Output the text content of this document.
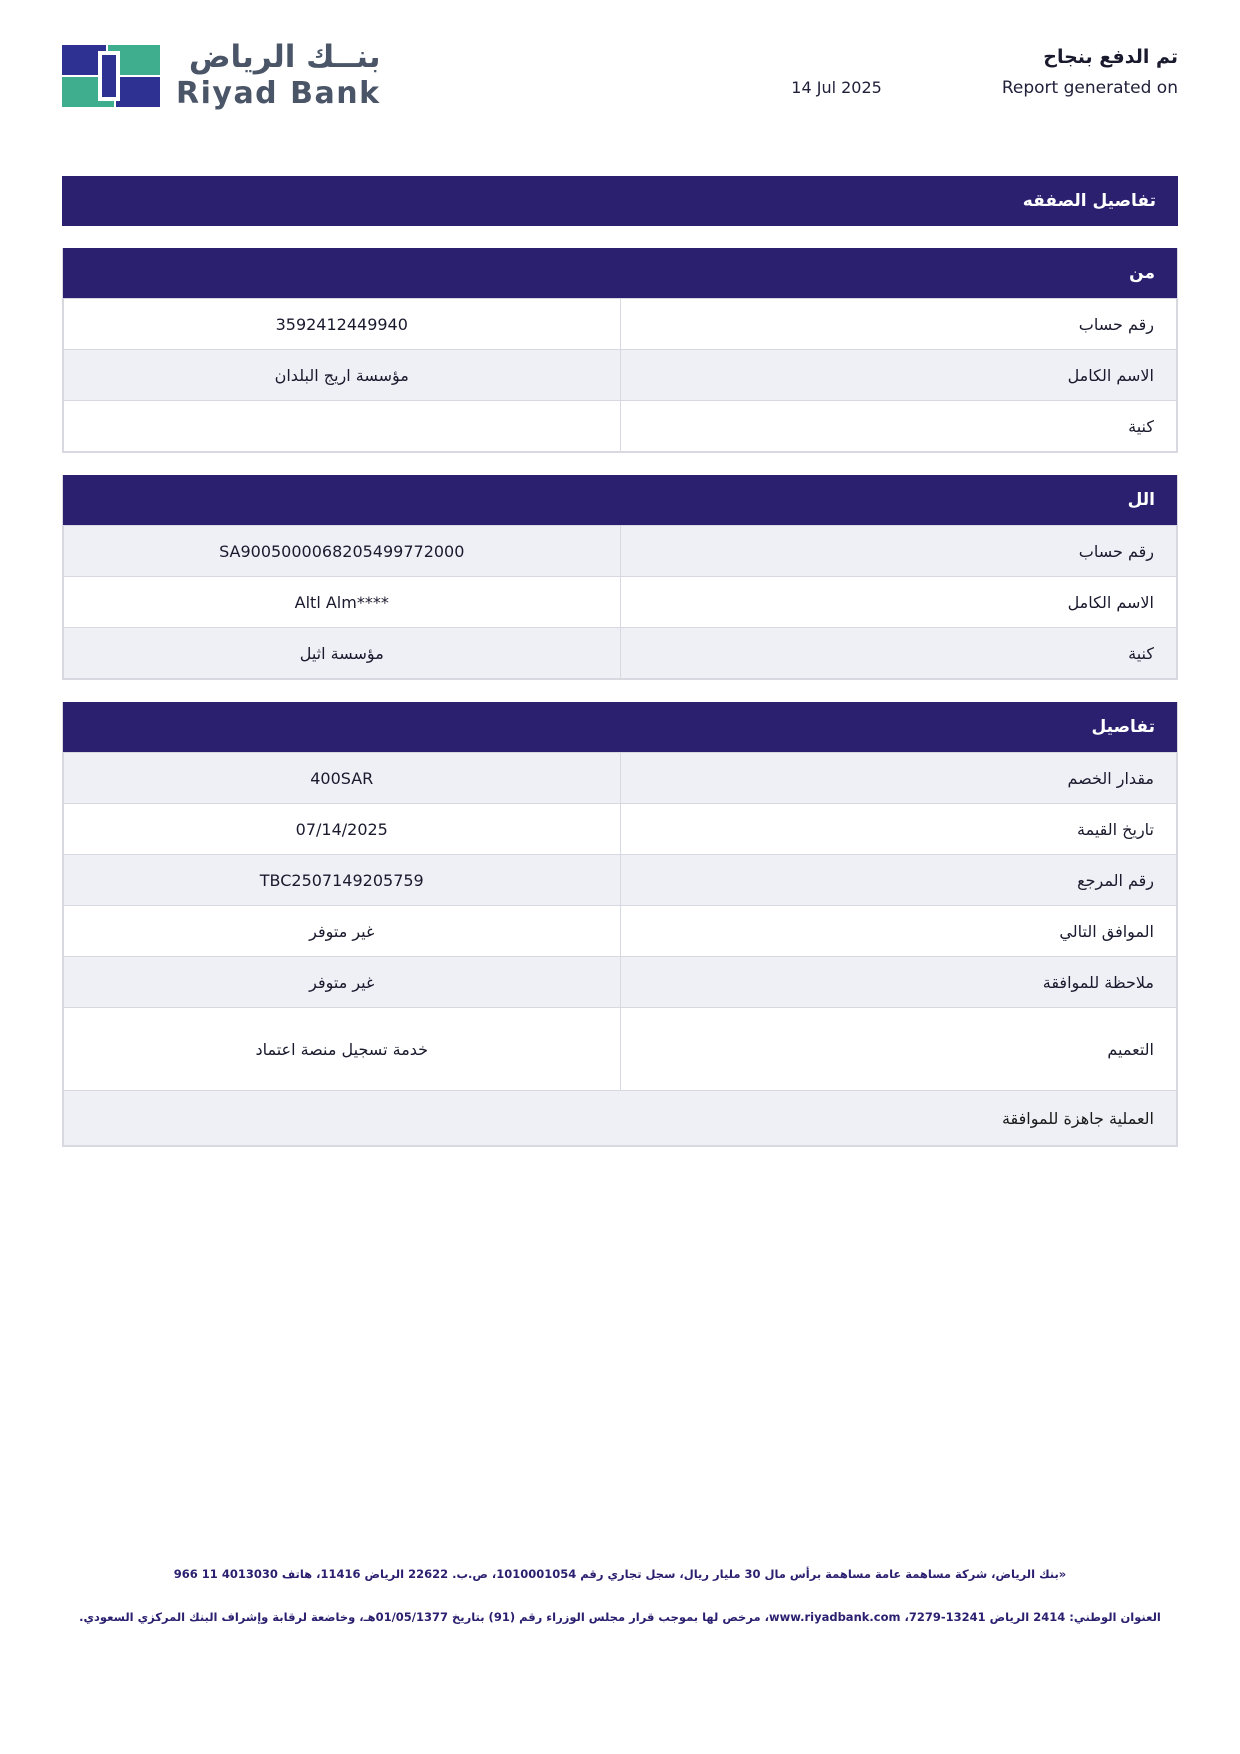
بنــك الرياض
Riyad Bank
تم الدفع بنجاح
14 Jul 2025	Report generated on
تفاصيل الصفقه
من
رقم حساب	3592412449940
الاسم الكامل	مؤسسة اريج البلدان
كنية	
الل
رقم حساب	SA9005000068205499772000
الاسم الكامل	Altl Alm****
كنية	مؤسسة اثيل
تفاصيل
مقدار الخصم	400SAR
تاريخ القيمة	07/14/2025
رقم المرجع	TBC2507149205759
الموافق التالي	غير متوفر
ملاحظة للموافقة	غير متوفر
التعميم	خدمة تسجيل منصة اعتماد
العملية جاهزة للموافقة	

«بنك الرياض، شركة مساهمة عامة مساهمة برأس مال 30 مليار ريال، سجل تجاري رقم 1010001054، ص.ب. 22622 الرياض 11416، هاتف 4013030 11 966

العنوان الوطني: 2414 الرياض 13241-7279، www.riyadbank.com، مرخص لها بموجب قرار مجلس الوزراء رقم (91) بتاريخ 01/05/1377هـ، وخاضعة لرقابة وإشراف البنك المركزي السعودي.
